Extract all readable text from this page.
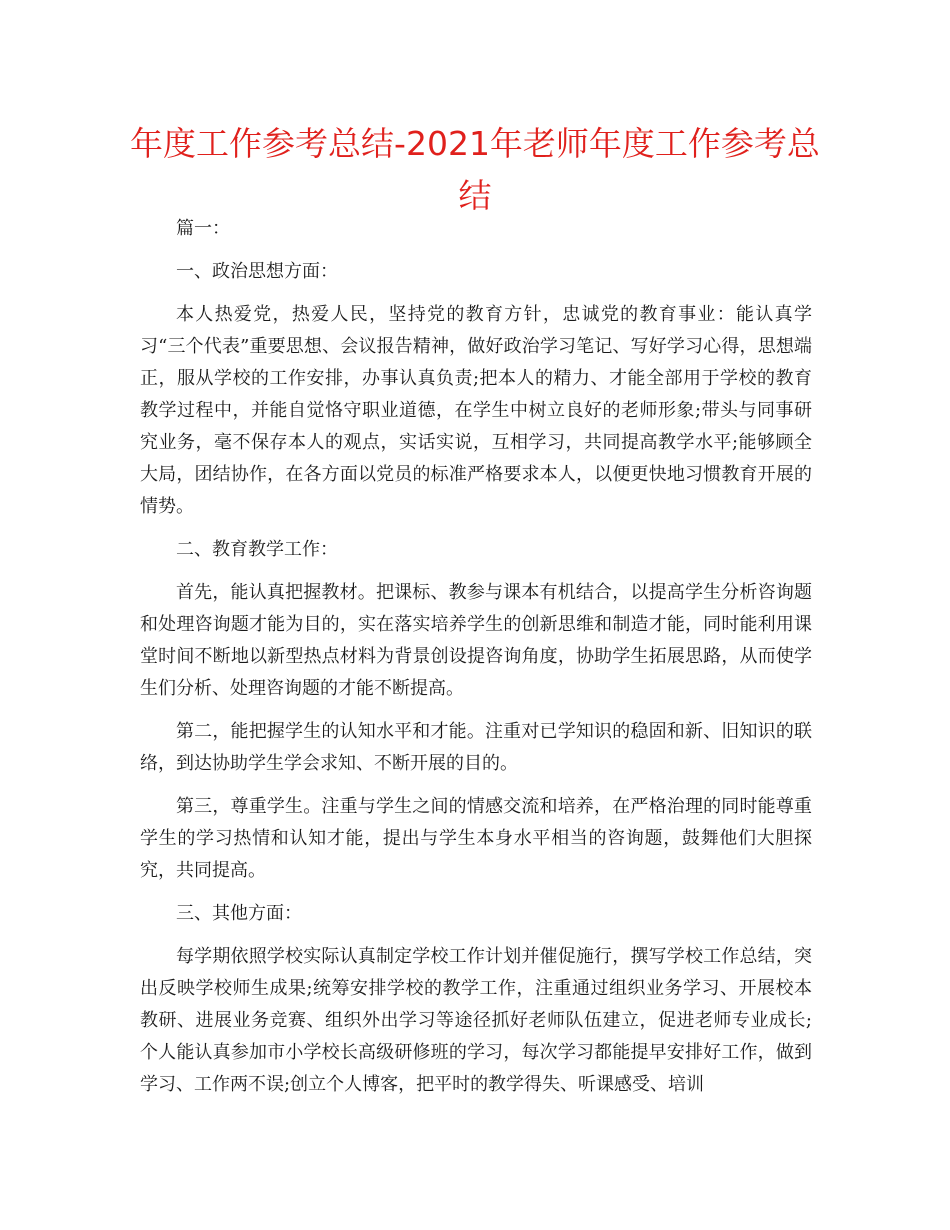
年度工作参考总结-2021年老师年度工作参考总结

篇一：

一、政治思想方面：

本人热爱党，热爱人民，坚持党的教育方针，忠诚党的教育事业：能认真学习“三个代表”重要思想、会议报告精神，做好政治学习笔记、写好学习心得，思想端正，服从学校的工作安排，办事认真负责;把本人的精力、才能全部用于学校的教育教学过程中，并能自觉恪守职业道德，在学生中树立良好的老师形象;带头与同事研究业务，毫不保存本人的观点，实话实说，互相学习，共同提高教学水平;能够顾全大局，团结协作，在各方面以党员的标准严格要求本人，以便更快地习惯教育开展的情势。

二、教育教学工作：

首先，能认真把握教材。把课标、教参与课本有机结合，以提高学生分析咨询题和处理咨询题才能为目的，实在落实培养学生的创新思维和制造才能，同时能利用课堂时间不断地以新型热点材料为背景创设提咨询角度，协助学生拓展思路，从而使学生们分析、处理咨询题的才能不断提高。

第二，能把握学生的认知水平和才能。注重对已学知识的稳固和新、旧知识的联络，到达协助学生学会求知、不断开展的目的。

第三，尊重学生。注重与学生之间的情感交流和培养，在严格治理的同时能尊重学生的学习热情和认知才能，提出与学生本身水平相当的咨询题，鼓舞他们大胆探究，共同提高。

三、其他方面：

每学期依照学校实际认真制定学校工作计划并催促施行，撰写学校工作总结，突出反映学校师生成果;统筹安排学校的教学工作，注重通过组织业务学习、开展校本教研、进展业务竞赛、组织外出学习等途径抓好老师队伍建立，促进老师专业成长;个人能认真参加市小学校长高级研修班的学习，每次学习都能提早安排好工作，做到学习、工作两不误;创立个人博客，把平时的教学得失、听课感受、培训
